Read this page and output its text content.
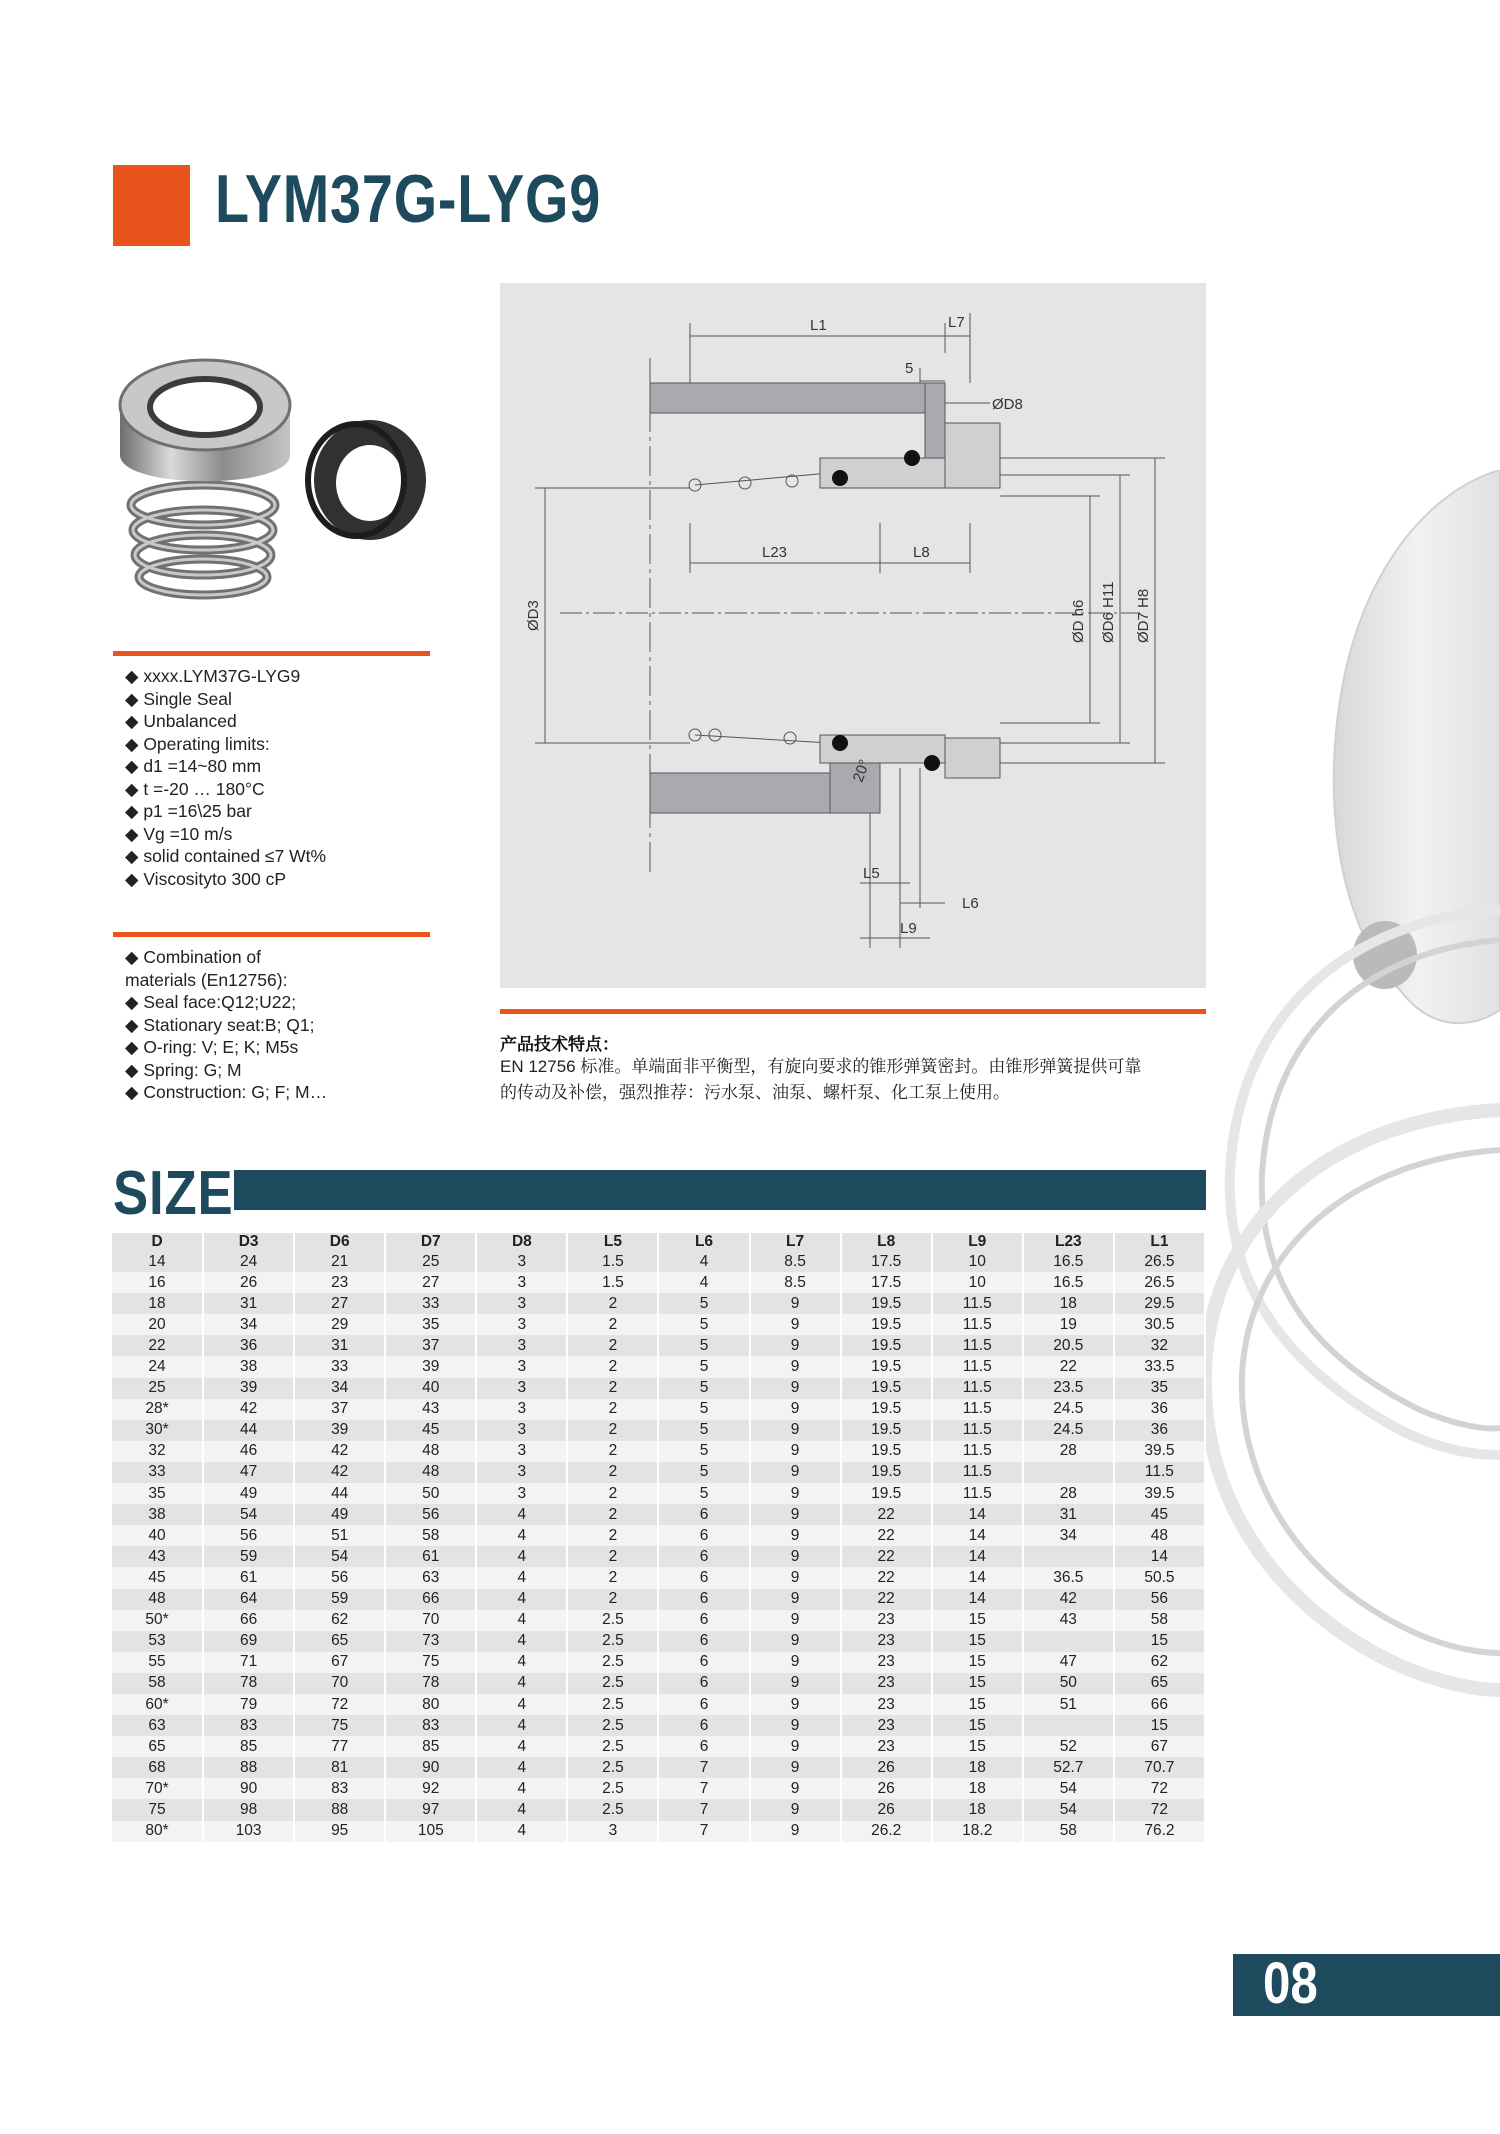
LYM37G-LYG9
◆ xxxx.LYM37G-LYG9
◆ Single Seal
◆ Unbalanced
◆ Operating limits:
◆ d1 =14~80 mm
◆ t =-20 … 180°C
◆ p1 =16\25 bar
◆ Vg =10 m/s
◆ solid contained ≤7 Wt%
◆ Viscosityto 300 cP
◆ Combination of
materials (En12756):
◆ Seal face:Q12;U22;
◆ Stationary seat:B; Q1;
◆ O-ring: V; E; K; M5s
◆ Spring: G; M
◆ Construction: G; F; M…
L1	L7
5
ØD8
L23	L8
ØD3	ØD h6 ØD6 H11 ØD7 H8
20°
L5
L6
L9
产品技术特点：
EN 12756 标准。单端面非平衡型，有旋向要求的锥形弹簧密封。由锥形弹簧提供可靠
的传动及补偿，强烈推荐：污水泵、油泵、螺杆泵、化工泵上使用。
SIZE
D	D3	D6	D7	D8	L5	L6	L7	L8	L9	L23	L1
14	24	21	25	3	1.5	4	8.5	17.5	10	16.5	26.5
16	26	23	27	3	1.5	4	8.5	17.5	10	16.5	26.5
18	31	27	33	3	2	5	9	19.5	11.5	18	29.5
20	34	29	35	3	2	5	9	19.5	11.5	19	30.5
22	36	31	37	3	2	5	9	19.5	11.5	20.5	32
24	38	33	39	3	2	5	9	19.5	11.5	22	33.5
25	39	34	40	3	2	5	9	19.5	11.5	23.5	35
28*	42	37	43	3	2	5	9	19.5	11.5	24.5	36
30*	44	39	45	3	2	5	9	19.5	11.5	24.5	36
32	46	42	48	3	2	5	9	19.5	11.5	28	39.5
33	47	42	48	3	2	5	9	19.5	11.5		11.5
35	49	44	50	3	2	5	9	19.5	11.5	28	39.5
38	54	49	56	4	2	6	9	22	14	31	45
40	56	51	58	4	2	6	9	22	14	34	48
43	59	54	61	4	2	6	9	22	14		14
45	61	56	63	4	2	6	9	22	14	36.5	50.5
48	64	59	66	4	2	6	9	22	14	42	56
50*	66	62	70	4	2.5	6	9	23	15	43	58
53	69	65	73	4	2.5	6	9	23	15		15
55	71	67	75	4	2.5	6	9	23	15	47	62
58	78	70	78	4	2.5	6	9	23	15	50	65
60*	79	72	80	4	2.5	6	9	23	15	51	66
63	83	75	83	4	2.5	6	9	23	15		15
65	85	77	85	4	2.5	6	9	23	15	52	67
68	88	81	90	4	2.5	7	9	26	18	52.7	70.7
70*	90	83	92	4	2.5	7	9	26	18	54	72
75	98	88	97	4	2.5	7	9	26	18	54	72
80*	103	95	105	4	3	7	9	26.2	18.2	58	76.2
08
